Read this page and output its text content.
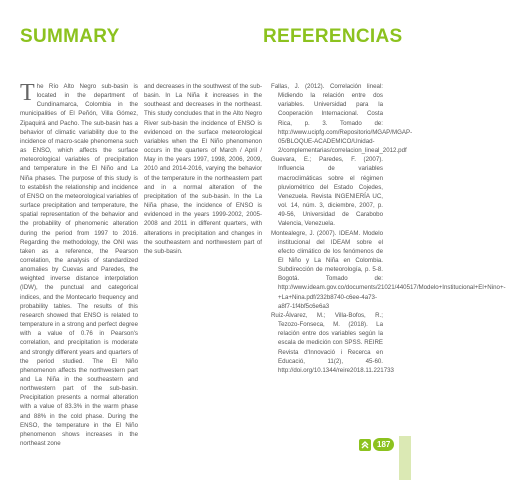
SUMMARY	REFERENCIAS

The Río Alto Negro sub-basin is located in the department of Cundinamarca, Colombia in the municipalities of El Peñón, Villa Gómez, Zipaquirá and Pacho. The sub-basin has a behavior of climatic variability due to the incidence of macro-scale phenomena such as ENSO, which affects the surface meteorological variables of precipitation and temperature in the El Niño and La Niña phases. The purpose of this study is to establish the relationship and incidence of ENSO on the meteorological variables of surface precipitation and temperature, the spatial representation of the behavior and the probability of phenomenic alteration during the period from 1997 to 2016. Regarding the methodology, the ONI was taken as a reference, the Pearson correlation, the analysis of standardized anomalies by Cuevas and Paredes, the weighted inverse distance interpolation (IDW), the punctual and categorical indices, and the Montecarlo frequency and probability tables. The results of this research showed that ENSO is related to temperature in a strong and perfect degree with a value of 0.76 in Pearson's correlation, and precipitation is moderate and strongly different years and quarters of the period studied. The El Niño phenomenon affects the northwestern part and La Niña in the southeastern and northwestern part of the sub-basin. Precipitation presents a normal alteration with a value of 83.3% in the warm phase and 88% in the cold phase. During the ENSO, the temperature in the El Niño phenomenon shows increases in the northeast zone

and decreases in the southwest of the sub-basin. In La Niña it increases in the southeast and decreases in the northeast. This study concludes that in the Alto Negro River sub-basin the incidence of ENSO is evidenced on the surface meteorological variables when the El Niño phenomenon occurs in the quarters of March / April / May in the years 1997, 1998, 2006, 2009, 2010 and 2014-2016, varying the behavior of the temperature in the northeastern part and in a normal alteration of the precipitation of the sub-basin. In the La Niña phase, the incidence of ENSO is evidenced in the years 1999-2002, 2005-2008 and 2011 in different quarters, with alterations in precipitation and changes in the southeastern and northwestern part of the sub-basin.

Fallas, J. (2012). Correlación lineal: Midiendo la relación entre dos variables. Universidad para la Cooperación Internacional. Costa Rica, p. 3. Tomado de: http://www.ucipfg.com/Repositorio/MGAP/MGAP-05/BLOQUE-ACADEMICO/Unidad-2/complementarias/correlacion_lineal_2012.pdf

Guevara, E.; Paredes, F. (2007). Influencia de variables macroclimáticas sobre el régimen pluviométrico del Estado Cojedes, Venezuela. Revista INGENIERÍA UC, vol. 14, núm. 3, diciembre, 2007, p. 49-56, Universidad de Carabobo Valencia, Venezuela.

Montealegre, J. (2007). IDEAM. Modelo institucional del IDEAM sobre el efecto climático de los fenómenos de El Niño y La Niña en Colombia. Subdirección de meteorología, p. 5-8. Bogotá. Tomado de: http://www.ideam.gov.co/documents/21021/440517/Modelo+Institucional+El+Nino+-+La+Nina.pdf/232b8740-c6ee-4a73-a8f7-1f4bf5c6e6a3

Ruiz-Álvarez, M.; Villa-Bofos, R.; Tezozo-Fonseca, M. (2018). La relación entre dos variables según la escala de medición con SPSS. REIRE Revista d'Innovació i Recerca en Educació, 11(2), 45-60. http://doi.org/10.1344/reire2018.11.221733

187
